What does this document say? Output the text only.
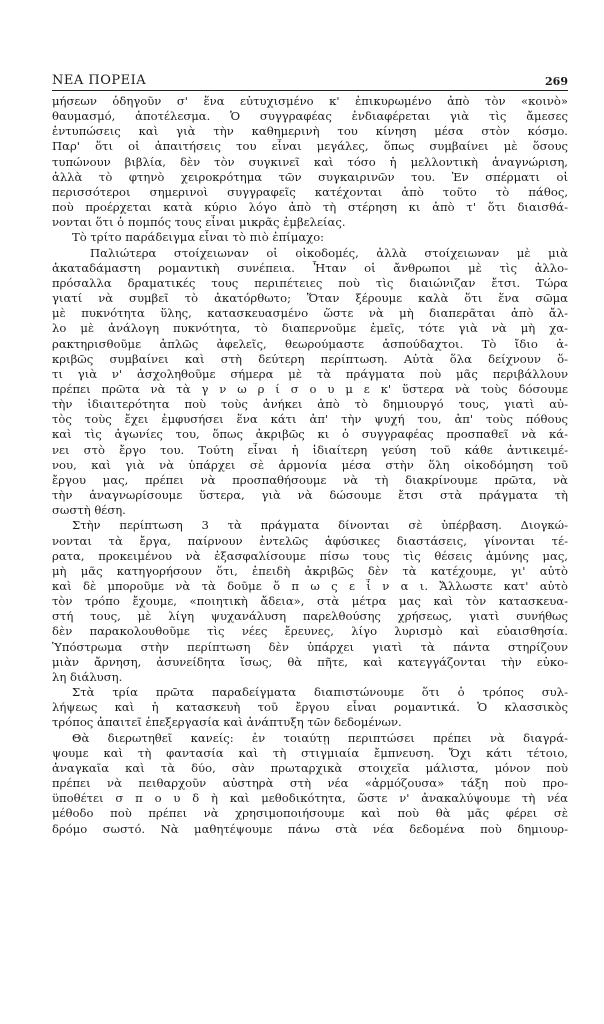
ΝΕΑ ΠΟΡΕΙΑ	269
μήσεων ὁδηγοῦν σ' ἕνα εὐτυχισμένο κ' ἐπικυρωμένο ἀπὸ τὸν «κοινὸ»
θαυμασμό, ἀποτέλεσμα. Ὁ συγγραφέας ἐνδιαφέρεται γιὰ τὶς ἄμεσες
ἐντυπώσεις καὶ γιὰ τὴν καθημερινὴ του κίνηση μέσα στὸν κόσμο.
Παρ' ὅτι οἱ ἀπαιτήσεις του εἶναι μεγάλες, ὅπως συμβαίνει μὲ ὅσους
τυπώνουν βιβλία, δὲν τὸν συγκινεῖ καὶ τόσο ἡ μελλοντικὴ ἀναγνώριση,
ἀλλὰ τὸ φτηνὸ χειροκρότημα τῶν συγκαιρινῶν του. Ἐν σπέρματι οἱ
περισσότεροι σημερινοὶ συγγραφεῖς κατέχονται ἀπὸ τοῦτο τὸ πάθος,
ποὺ προέρχεται κατὰ κύριο λόγο ἀπὸ τὴ στέρηση κι ἀπὸ τ' ὅτι διαισθά-
νονται ὅτι ὁ πομπός τους εἶναι μικρᾶς ἐμβελείας.
Τὸ τρίτο παράδειγμα εἶναι τὸ πιὸ ἐπίμαχο:
Παλιώτερα στοίχειωναν οἱ οἰκοδομές, ἀλλὰ στοίχειωναν μὲ μιὰ
ἀκαταδάμαστη ρομαντικὴ συνέπεια. Ἦταν οἱ ἄνθρωποι μὲ τὶς ἀλλο-
πρόσαλλα δραματικές τους περιπέτειες ποὺ τὶς διαιώνιζαν ἔτσι. Τώρα
γιατί νὰ συμβεῖ τὸ ἀκατόρθωτο; Ὅταν ξέρουμε καλὰ ὅτι ἕνα σῶμα
μὲ πυκνότητα ὕλης, κατασκευασμένο ὥστε νὰ μὴ διαπερᾶται ἀπὸ ἄλ-
λο μὲ ἀνάλογη πυκνότητα, τὸ διαπερνοῦμε ἐμεῖς, τότε γιὰ νὰ μὴ χα-
ρακτηρισθοῦμε ἁπλῶς ἀφελεῖς, θεωρούμαστε ἀσπούδαχτοι. Τὸ ἴδιο ἀ-
κριβῶς συμβαίνει καὶ στὴ δεύτερη περίπτωση. Αὐτὰ ὅλα δείχνουν ὅ-
τι γιὰ ν' ἀσχοληθοῦμε σήμερα μὲ τὰ πράγματα ποὺ μᾶς περιβάλλουν
πρέπει πρῶτα νὰ τὰ γ ν ω ρ ί σ ο υ μ ε κ' ὕστερα νὰ τοὺς δόσουμε
τὴν ἰδιαιτερότητα ποὺ τοὺς ἀνήκει ἀπὸ τὸ δημιουργό τους, γιατὶ αὐ-
τὸς τοὺς ἔχει ἐμφυσήσει ἕνα κάτι ἀπ' τὴν ψυχή του, ἀπ' τοὺς πόθους
καὶ τὶς ἀγωνίες του, ὅπως ἀκριβῶς κι ὁ συγγραφέας προσπαθεῖ νὰ κά-
νει στὸ ἔργο του. Τούτη εἶναι ἡ ἰδιαίτερη γεύση τοῦ κάθε ἀντικειμέ-
νου, καὶ γιὰ νὰ ὑπάρχει σὲ ἁρμονία μέσα στὴν ὅλη οἰκοδόμηση τοῦ
ἔργου μας, πρέπει νὰ προσπαθήσουμε νὰ τὴ διακρίνουμε πρῶτα, νὰ
τὴν ἀναγνωρίσουμε ὕστερα, γιὰ νὰ δώσουμε ἔτσι στὰ πράγματα τὴ
σωστὴ θέση.
Στὴν περίπτωση 3 τὰ πράγματα δίνονται σὲ ὑπέρβαση. Διογκώ-
νονται τὰ ἔργα, παίρνουν ἐντελῶς ἀφύσικες διαστάσεις, γίνονται τέ-
ρατα, προκειμένου νὰ ἐξασφαλίσουμε πίσω τους τὶς θέσεις ἀμύνης μας,
μὴ μᾶς κατηγορήσουν ὅτι, ἐπειδὴ ἀκριβῶς δὲν τὰ κατέχουμε, γι' αὐτὸ
καὶ δὲ μποροῦμε νὰ τὰ δοῦμε ὅ π ω ς ε ἶ ν α ι. Ἄλλωστε κατ' αὐτὸ
τὸν τρόπο ἔχουμε, «ποιητικὴ ἄδεια», στὰ μέτρα μας καὶ τὸν κατασκευα-
στή τους, μὲ λίγη ψυχανάλυση παρελθούσης χρήσεως, γιατὶ συνήθως
δὲν παρακολουθοῦμε τὶς νέες ἔρευνες, λίγο λυρισμὸ καὶ εὐαισθησία.
Ὑπόστρωμα στὴν περίπτωση δὲν ὑπάρχει γιατὶ τὰ πάντα στηρίζουν
μιὰν ἄρνηση, ἀσυνείδητα ἴσως, θὰ πῆτε, καὶ κατεγγάζονται τὴν εὐκο-
λη διάλυση.
Στὰ τρία πρῶτα παραδείγματα διαπιστώνουμε ὅτι ὁ τρόπος συλ-
λήψεως καὶ ἡ κατασκευὴ τοῦ ἔργου εἶναι ρομαντικά. Ὁ κλασσικὸς
τρόπος ἀπαιτεῖ ἐπεξεργασία καὶ ἀνάπτυξη τῶν δεδομένων.
Θὰ διερωτηθεῖ κανείς: ἐν τοιαύτῃ περιπτώσει πρέπει νὰ διαγρά-
ψουμε καὶ τὴ φαντασία καὶ τὴ στιγμιαία ἔμπνευση. Ὄχι κάτι τέτοιο,
ἀναγκαῖα καὶ τὰ δύο, σὰν πρωταρχικὰ στοιχεῖα μάλιστα, μόνον ποὺ
πρέπει νὰ πειθαρχοῦν αὐστηρὰ στὴ νέα «ἁρμόζουσα» τάξη ποὺ προ-
ϋποθέτει σ π ο υ δ ὴ καὶ μεθοδικότητα, ὥστε ν' ἀνακαλύψουμε τὴ νέα
μέθοδο ποὺ πρέπει νὰ χρησιμοποιήσουμε καὶ ποὺ θὰ μᾶς φέρει σὲ
δρόμο σωστό. Νὰ μαθητέψουμε πάνω στὰ νέα δεδομένα ποὺ δημιουρ-
